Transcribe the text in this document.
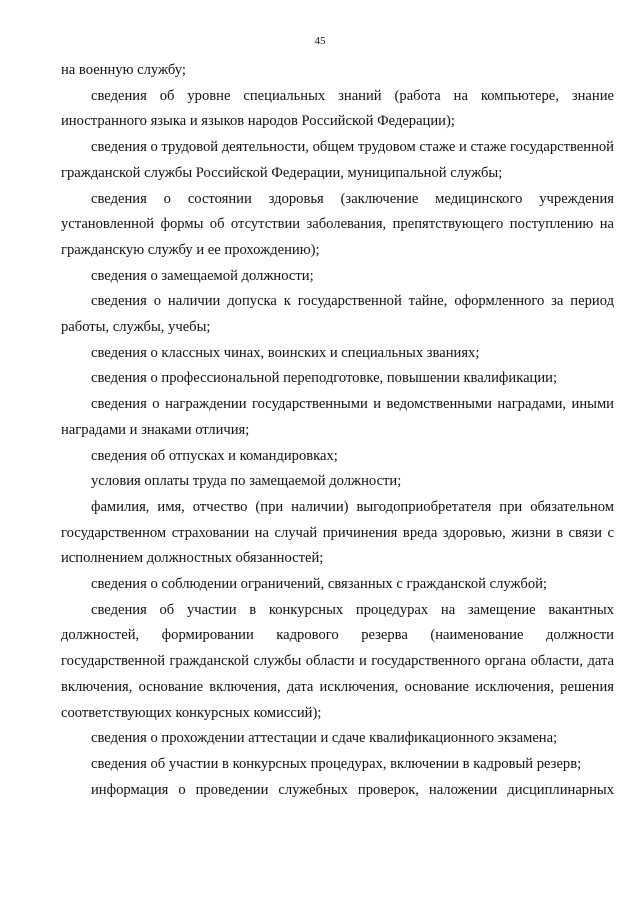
45

на военную службу;

сведения об уровне специальных знаний (работа на компьютере, знание иностранного языка и языков народов Российской Федерации);

сведения о трудовой деятельности, общем трудовом стаже и стаже государственной гражданской службы Российской Федерации, муниципальной службы;

сведения о состоянии здоровья (заключение медицинского учреждения установленной формы об отсутствии заболевания, препятствующего поступлению на гражданскую службу и ее прохождению);

сведения о замещаемой должности;

сведения о наличии допуска к государственной тайне, оформленного за период работы, службы, учебы;

сведения о классных чинах, воинских и специальных званиях;

сведения о профессиональной переподготовке, повышении квалификации;

сведения о награждении государственными и ведомственными наградами, иными наградами и знаками отличия;

сведения об отпусках и командировках;

условия оплаты труда по замещаемой должности;

фамилия, имя, отчество (при наличии) выгодоприобретателя при обязательном государственном страховании на случай причинения вреда здоровью, жизни в связи с исполнением должностных обязанностей;

сведения о соблюдении ограничений, связанных с гражданской службой;

сведения об участии в конкурсных процедурах на замещение вакантных должностей, формировании кадрового резерва (наименование должности государственной гражданской службы области и государственного органа области, дата включения, основание включения, дата исключения, основание исключения, решения соответствующих конкурсных комиссий);

сведения о прохождении аттестации и сдаче квалификационного экзамена;

сведения об участии в конкурсных процедурах, включении в кадровый резерв;

информация о проведении служебных проверок, наложении дисциплинарных
